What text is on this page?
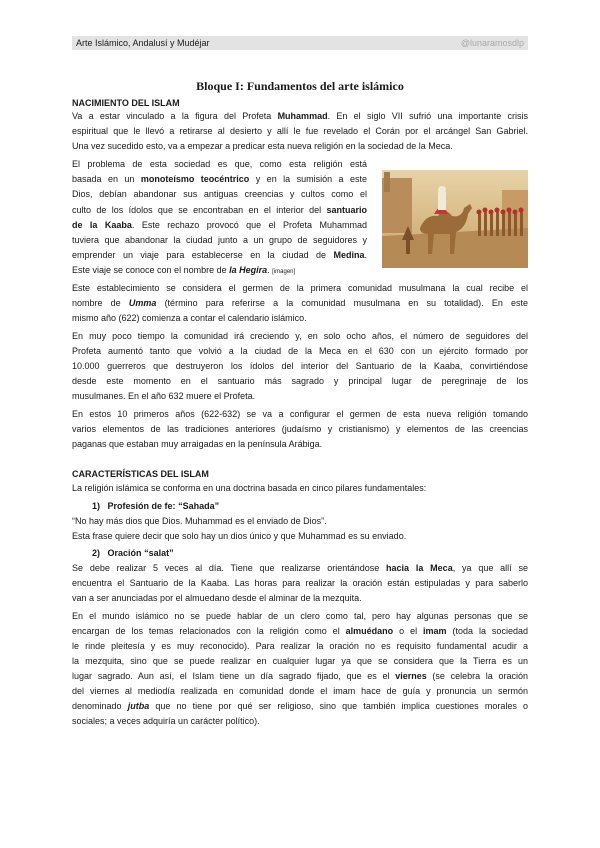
Arte Islámico, Andalusí y Mudéjar	@lunaramosdlp
Bloque I: Fundamentos del arte islámico
NACIMIENTO DEL ISLAM
Va a estar vinculado a la figura del Profeta Muhammad. En el siglo VII sufrió una importante crisis
espiritual que le llevó a retirarse al desierto y allí le fue revelado el Corán por el arcángel San Gabriel.
Una vez sucedido esto, va a empezar a predicar esta nueva religión en la sociedad de la Meca.
El problema de esta sociedad es que, como esta religión está
basada en un monoteísmo teocéntrico y en la sumisión a este
Dios, debían abandonar sus antiguas creencias y cultos como el
culto de los ídolos que se encontraban en el interior del santuario
de la Kaaba. Este rechazo provocó que el Profeta Muhammad
tuviera que abandonar la ciudad junto a un grupo de seguidores y
emprender un viaje para establecerse en la ciudad de Medina.
Este viaje se conoce con el nombre de la Hegira. [imagen]
Este establecimiento se considera el germen de la primera comunidad musulmana la cual recibe el
nombre de Umma (término para referirse a la comunidad musulmana en su totalidad). En este
mismo año (622) comienza a contar el calendario islámico.
En muy poco tiempo la comunidad irá creciendo y, en solo ocho años, el número de seguidores del
Profeta aumentó tanto que volvió a la ciudad de la Meca en el 630 con un ejército formado por
10.000 guerreros que destruyeron los ídolos del interior del Santuario de la Kaaba, convirtiéndose
desde este momento en el santuario más sagrado y principal lugar de peregrinaje de los
musulmanes. En el año 632 muere el Profeta.
En estos 10 primeros años (622-632) se va a configurar el germen de esta nueva religión tomando
varios elementos de las tradiciones anteriores (judaísmo y cristianismo) y elementos de las creencias
paganas que estaban muy arraigadas en la península Arábiga.
CARACTERÍSTICAS DEL ISLAM
La religión islámica se conforma en una doctrina basada en cinco pilares fundamentales:
1) Profesión de fe: “Sahada”
“No hay más dios que Dios. Muhammad es el enviado de Dios”.
Esta frase quiere decir que solo hay un dios único y que Muhammad es su enviado.
2) Oración “salat”
Se debe realizar 5 veces al día. Tiene que realizarse orientándose hacia la Meca, ya que allí se
encuentra el Santuario de la Kaaba. Las horas para realizar la oración están estipuladas y para saberlo
van a ser anunciadas por el almuedano desde el alminar de la mezquita.
En el mundo islámico no se puede hablar de un clero como tal, pero hay algunas personas que se
encargan de los temas relacionados con la religión como el almuédano o el imam (toda la sociedad
le rinde pleitesía y es muy reconocido). Para realizar la oración no es requisito fundamental acudir a
la mezquita, sino que se puede realizar en cualquier lugar ya que se considera que la Tierra es un
lugar sagrado. Aun así, el Islam tiene un día sagrado fijado, que es el viernes (se celebra la oración
del viernes al mediodía realizada en comunidad donde el imam hace de guía y pronuncia un sermón
denominado jutba que no tiene por qué ser religioso, sino que también implica cuestiones morales o
sociales; a veces adquiría un carácter político).
